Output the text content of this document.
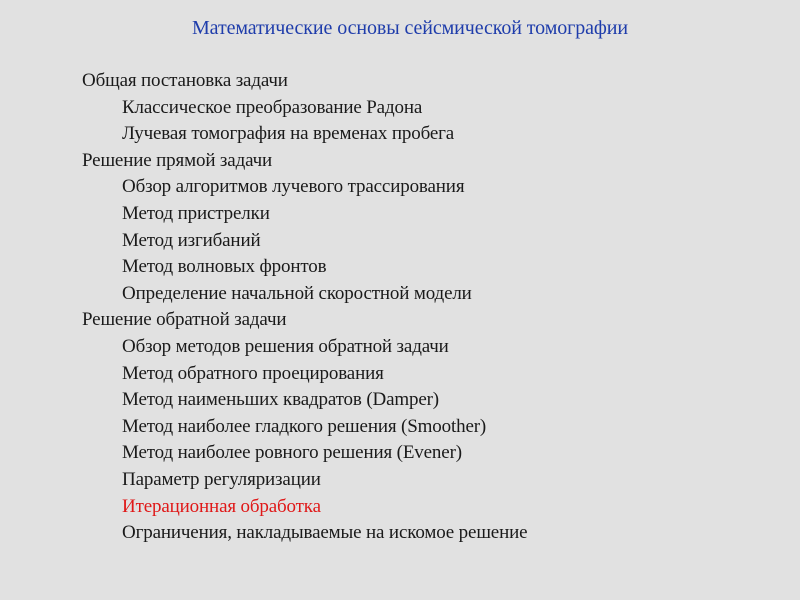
Математические основы сейсмической томографии
Общая постановка задачи
Классическое преобразование Радона
Лучевая томография на временах пробега
Решение прямой задачи
Обзор алгоритмов лучевого трассирования
Метод пристрелки
Метод изгибаний
Метод волновых фронтов
Определение начальной скоростной модели
Решение обратной задачи
Обзор методов решения обратной задачи
Метод обратного проецирования
Метод наименьших квадратов (Damper)
Метод наиболее гладкого решения (Smoother)
Метод наиболее ровного решения (Evener)
Параметр регуляризации
Итерационная обработка
Ограничения, накладываемые на искомое решение
